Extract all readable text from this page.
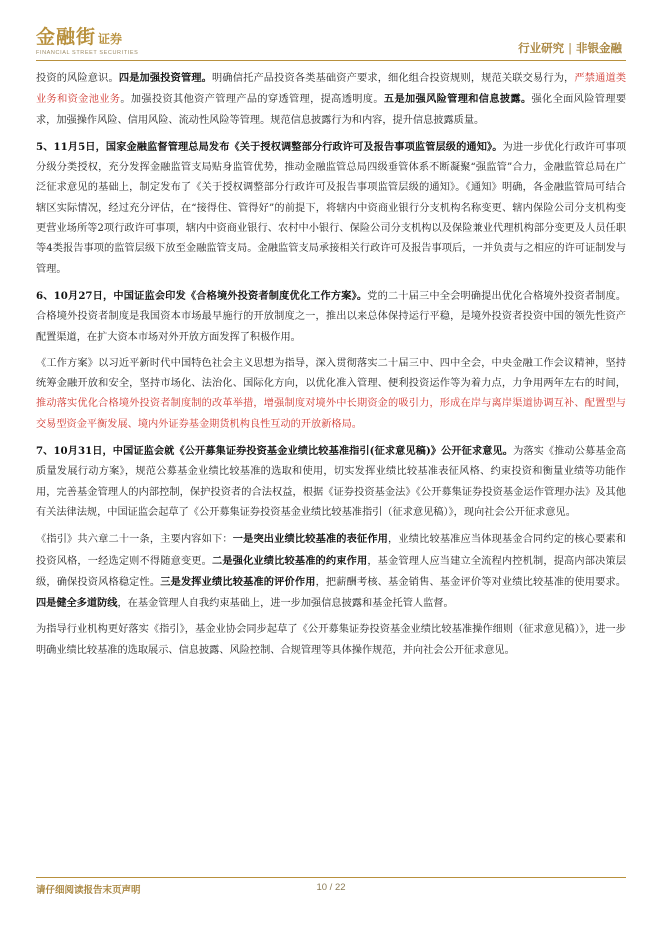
金融街 证券
FINANCIAL STREET SECURITIES	行业研究 | 非银金融

投资的风险意识。四是加强投资管理。明确信托产品投资各类基础资产要求，细化组合投资规则，规范关联交易行为，严禁通道类业务和资金池业务。加强投资其他资产管理产品的穿透管理，提高透明度。五是加强风险管理和信息披露。强化全面风险管理要求，加强操作风险、信用风险、流动性风险等管理。规范信息披露行为和内容，提升信息披露质量。

5、11月5日，国家金融监督管理总局发布《关于授权调整部分行政许可及报告事项监管层级的通知》。为进一步优化行政许可事项分级分类授权，充分发挥金融监管支局贴身监管优势，推动金融监管总局四级垂管体系不断凝聚“强监管”合力，金融监管总局在广泛征求意见的基础上，制定发布了《关于授权调整部分行政许可及报告事项监管层级的通知》。《通知》明确，各金融监管局可结合辖区实际情况，经过充分评估，在“接得住、管得好”的前提下，将辖内中资商业银行分支机构名称变更、辖内保险公司分支机构变更营业场所等2项行政许可事项，辖内中资商业银行、农村中小银行、保险公司分支机构以及保险兼业代理机构部分变更及人员任职等4类报告事项的监管层级下放至金融监管支局。金融监管支局承接相关行政许可及报告事项后，一并负责与之相应的许可证制发与管理。

6、10月27日，中国证监会印发《合格境外投资者制度优化工作方案》。党的二十届三中全会明确提出优化合格境外投资者制度。合格境外投资者制度是我国资本市场最早施行的开放制度之一，推出以来总体保持运行平稳，是境外投资者投资中国的领先性资产配置渠道，在扩大资本市场对外开放方面发挥了积极作用。

《工作方案》以习近平新时代中国特色社会主义思想为指导，深入贯彻落实二十届三中、四中全会，中央金融工作会议精神，坚持统筹金融开放和安全，坚持市场化、法治化、国际化方向，以优化准入管理、便利投资运作等为着力点，力争用两年左右的时间，推动落实优化合格境外投资者制度制的改革举措，增强制度对境外中长期资金的吸引力，形成在岸与离岸渠道协调互补、配置型与交易型资金平衡发展、境内外证券基金期货机构良性互动的开放新格局。

7、10月31日，中国证监会就《公开募集证券投资基金业绩比较基准指引(征求意见稿)》公开征求意见。为落实《推动公募基金高质量发展行动方案》，规范公募基金业绩比较基准的选取和使用，切实发挥业绩比较基准表征风格、约束投资和衡量业绩等功能作用，完善基金管理人的内部控制，保护投资者的合法权益，根据《证券投资基金法》《公开募集证券投资基金运作管理办法》及其他有关法律法规，中国证监会起草了《公开募集证券投资基金业绩比较基准指引（征求意见稿）》，现向社会公开征求意见。

《指引》共六章二十一条，主要内容如下：一是突出业绩比较基准的表征作用，业绩比较基准应当体现基金合同约定的核心要素和投资风格，一经选定则不得随意变更。二是强化业绩比较基准的约束作用，基金管理人应当建立全流程内控机制，提高内部决策层级，确保投资风格稳定性。三是发挥业绩比较基准的评价作用，把薪酬考核、基金销售、基金评价等对业绩比较基准的使用要求。四是健全多道防线，在基金管理人自我约束基础上，进一步加强信息披露和基金托管人监督。

为指导行业机构更好落实《指引》，基金业协会同步起草了《公开募集证券投资基金业绩比较基准操作细则（征求意见稿）》，进一步明确业绩比较基准的选取展示、信息披露、风险控制、合规管理等具体操作规范，并向社会公开征求意见。

请仔细阅读报告末页声明	10 / 22
